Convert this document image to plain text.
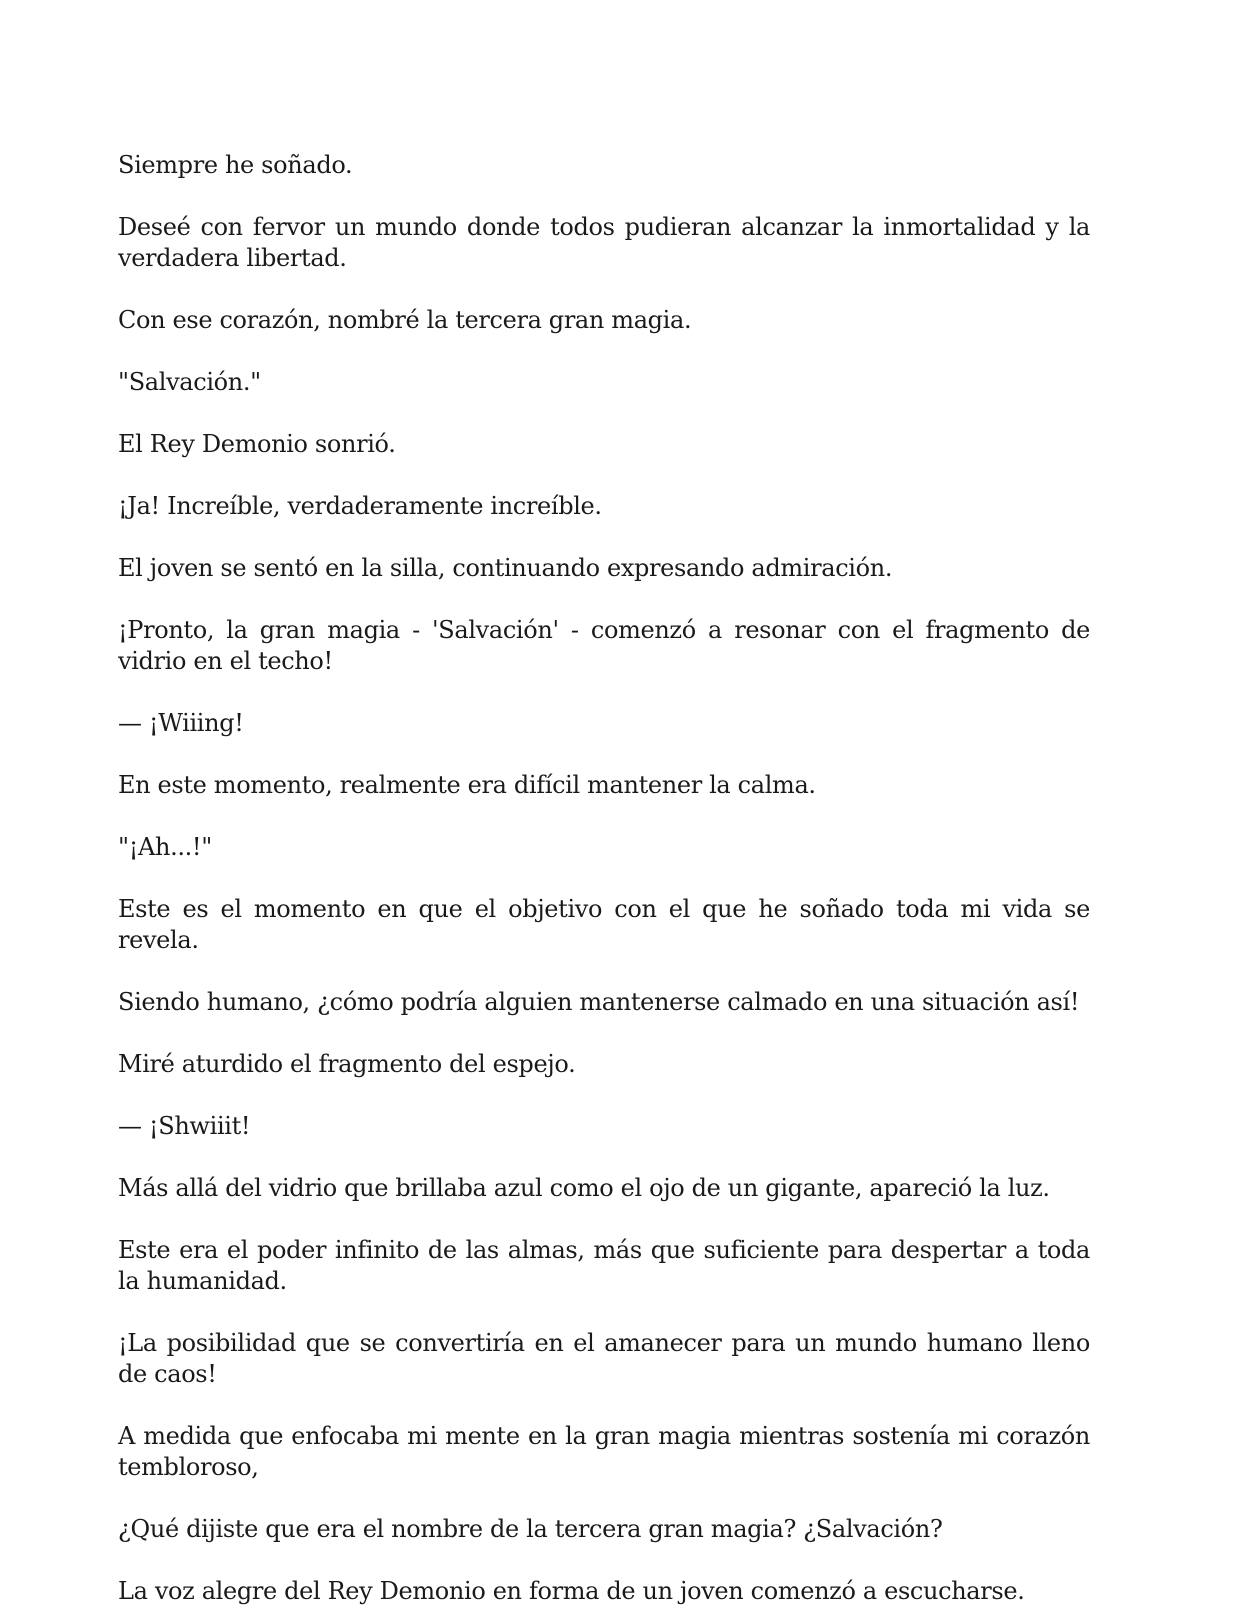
Siempre he soñado.

Deseé con fervor un mundo donde todos pudieran alcanzar la inmortalidad y la verdadera libertad.

Con ese corazón, nombré la tercera gran magia.

"Salvación."

El Rey Demonio sonrió.

¡Ja! Increíble, verdaderamente increíble.

El joven se sentó en la silla, continuando expresando admiración.

¡Pronto, la gran magia - 'Salvación' - comenzó a resonar con el fragmento de vidrio en el techo!

— ¡Wiiing!

En este momento, realmente era difícil mantener la calma.

"¡Ah...!"

Este es el momento en que el objetivo con el que he soñado toda mi vida se revela.

Siendo humano, ¿cómo podría alguien mantenerse calmado en una situación así!

Miré aturdido el fragmento del espejo.

— ¡Shwiiit!

Más allá del vidrio que brillaba azul como el ojo de un gigante, apareció la luz.

Este era el poder infinito de las almas, más que suficiente para despertar a toda la humanidad.

¡La posibilidad que se convertiría en el amanecer para un mundo humano lleno de caos!

A medida que enfocaba mi mente en la gran magia mientras sostenía mi corazón tembloroso,

¿Qué dijiste que era el nombre de la tercera gran magia? ¿Salvación?

La voz alegre del Rey Demonio en forma de un joven comenzó a escucharse.
